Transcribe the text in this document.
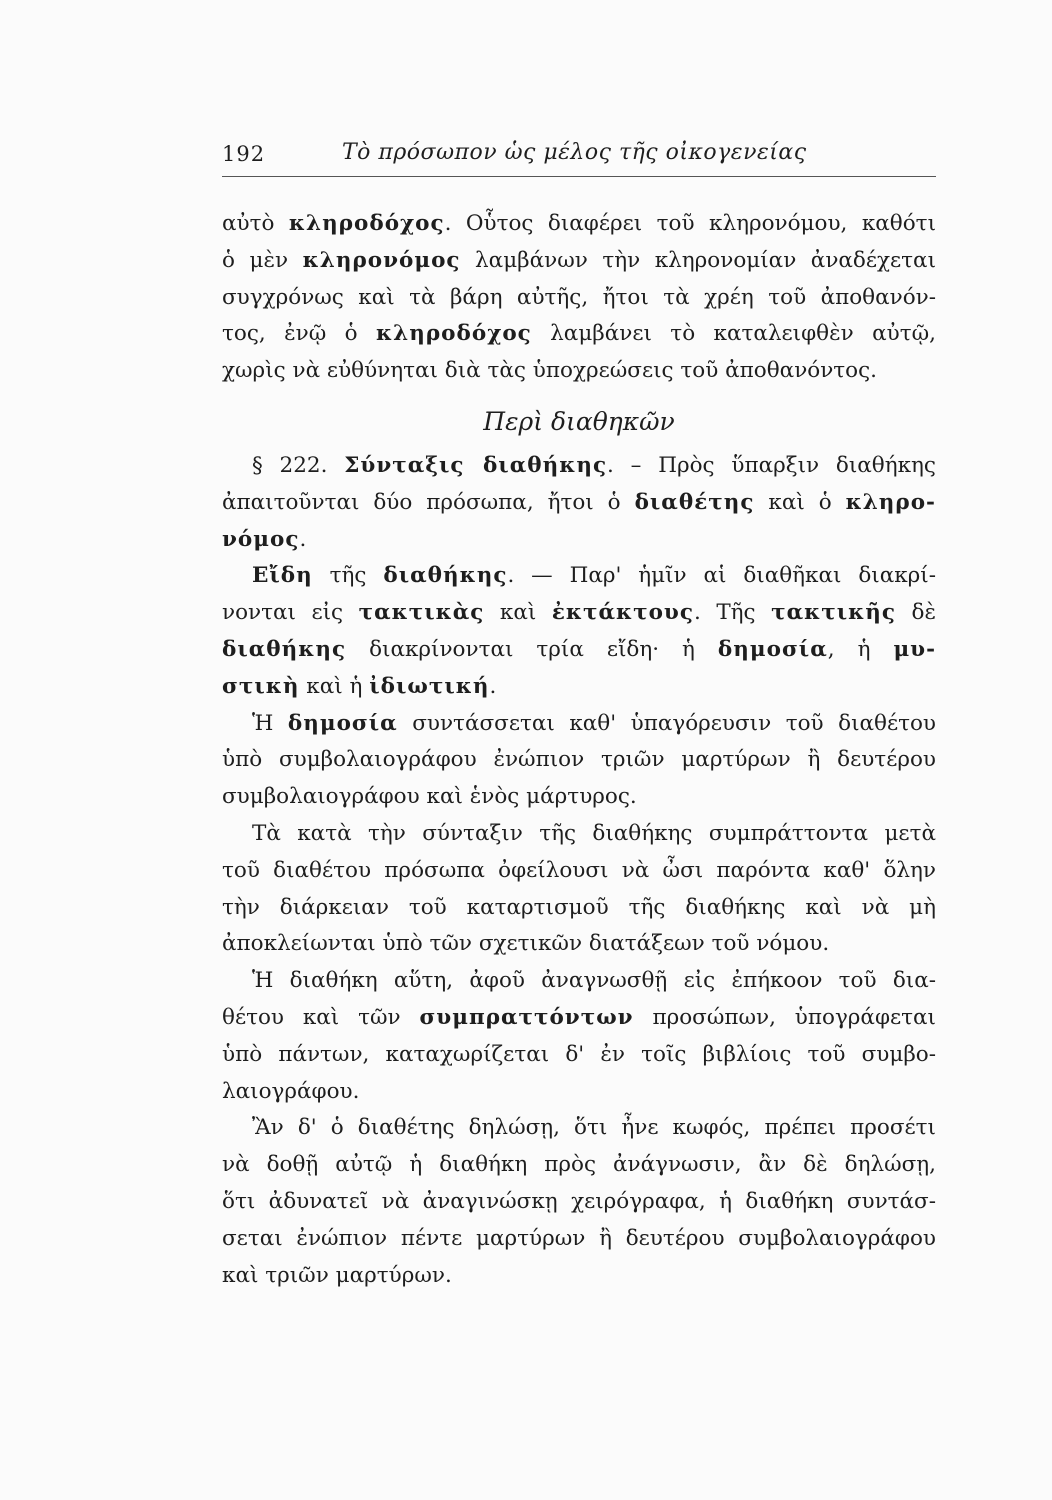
192	Τὸ πρόσωπον ὡς μέλος τῆς οἰκογενείας
αὐτὸ κληροδόχος. Οὗτος διαφέρει τοῦ κληρονόμου, καθότι
ὁ μὲν κληρονόμος λαμβάνων τὴν κληρονομίαν ἀναδέχεται
συγχρόνως καὶ τὰ βάρη αὐτῆς, ἤτοι τὰ χρέη τοῦ ἀποθανόν-
τος, ἐνῷ ὁ κληροδόχος λαμβάνει τὸ καταλειφθὲν αὐτῷ,
χωρὶς νὰ εὐθύνηται διὰ τὰς ὑποχρεώσεις τοῦ ἀποθανόντος.
Περὶ διαθηκῶν
§ 222. Σύνταξις διαθήκης. – Πρὸς ὕπαρξιν διαθήκης
ἀπαιτοῦνται δύο πρόσωπα, ἤτοι ὁ διαθέτης καὶ ὁ κληρο-
νόμος.
Εἴδη τῆς διαθήκης. — Παρ' ἡμῖν αἱ διαθῆκαι διακρί-
νονται εἰς τακτικὰς καὶ ἐκτάκτους. Τῆς τακτικῆς δὲ
διαθήκης διακρίνονται τρία εἴδη· ἡ δημοσία, ἡ μυ-
στικὴ καὶ ἡ ἰδιωτική.
Ἡ δημοσία συντάσσεται καθ' ὑπαγόρευσιν τοῦ διαθέτου
ὑπὸ συμβολαιογράφου ἐνώπιον τριῶν μαρτύρων ἢ δευτέρου
συμβολαιογράφου καὶ ἑνὸς μάρτυρος.
Τὰ κατὰ τὴν σύνταξιν τῆς διαθήκης συμπράττοντα μετὰ
τοῦ διαθέτου πρόσωπα ὀφείλουσι νὰ ὦσι παρόντα καθ' ὅλην
τὴν διάρκειαν τοῦ καταρτισμοῦ τῆς διαθήκης καὶ νὰ μὴ
ἀποκλείωνται ὑπὸ τῶν σχετικῶν διατάξεων τοῦ νόμου.
Ἡ διαθήκη αὕτη, ἀφοῦ ἀναγνωσθῇ εἰς ἐπήκοον τοῦ δια-
θέτου καὶ τῶν συμπραττόντων προσώπων, ὑπογράφεται
ὑπὸ πάντων, καταχωρίζεται δ' ἐν τοῖς βιβλίοις τοῦ συμβο-
λαιογράφου.
Ἂν δ' ὁ διαθέτης δηλώσῃ, ὅτι ἦνε κωφός, πρέπει προσέτι
νὰ δοθῇ αὐτῷ ἡ διαθήκη πρὸς ἀνάγνωσιν, ἂν δὲ δηλώσῃ,
ὅτι ἀδυνατεῖ νὰ ἀναγινώσκῃ χειρόγραφα, ἡ διαθήκη συντάσ-
σεται ἐνώπιον πέντε μαρτύρων ἢ δευτέρου συμβολαιογράφου
καὶ τριῶν μαρτύρων.
